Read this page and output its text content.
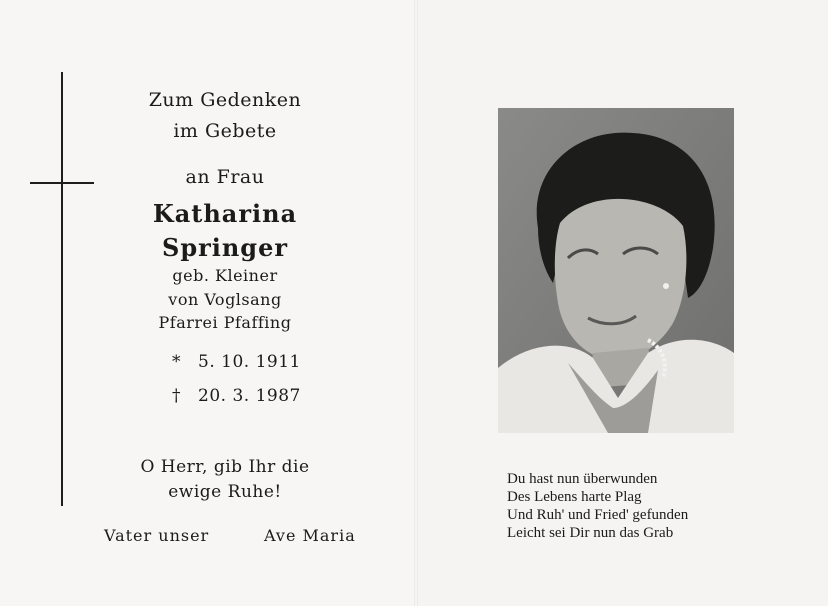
Zum Gedenken
im Gebete
an Frau
Katharina
Springer
geb. Kleiner
von Voglsang
Pfarrei Pfaffing
* 5. 10. 1911
† 20. 3. 1987
O Herr, gib Ihr die
ewige Ruhe!
Vater unser	Ave Maria
Du hast nun überwunden
Des Lebens harte Plag
Und Ruh' und Fried' gefunden
Leicht sei Dir nun das Grab
